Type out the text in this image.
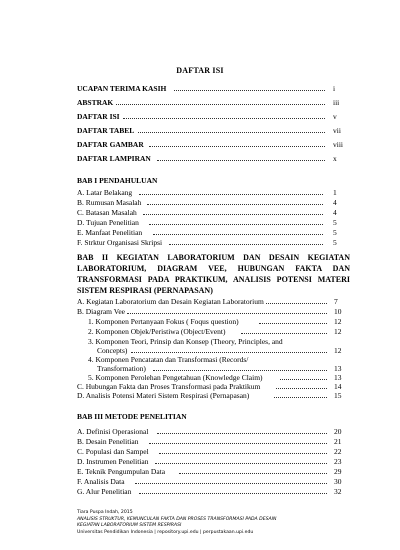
DAFTAR ISI
UCAPAN TERIMA KASIH	i
ABSTRAK	iii
DAFTAR ISI	v
DAFTAR TABEL	vii
DAFTAR GAMBAR	viii
DAFTAR LAMPIRAN	x
BAB I PENDAHULUAN
A. Latar Belakang	1
B. Rumusan Masalah	4
C. Batasan Masalah	4
D. Tujuan Penelitian	5
E. Manfaat Penelitian	5
F. Strktur Organisasi Skripsi	5
BAB II KEGIATAN LABORATORIUM DAN DESAIN KEGIATAN
LABORATORIUM, DIAGRAM VEE, HUBUNGAN FAKTA DAN
TRANSFORMASI PADA PRAKTIKUM, ANALISIS POTENSI MATERI
SISTEM RESPIRASI (PERNAPASAN)
A. Kegiatan Laboratorium dan Desain Kegiatan Laboratorium	7
B. Diagram Vee	10
1. Komponen Pertanyaan Fokus ( Foqus question)	12
2. Komponen Objek/Peristiwa (Object/Event)	12
3. Komponen Teori, Prinsip dan Konsep (Theory, Principles, and
Concepts)	12
4. Komponen Pencatatan dan Transformasi (Records/
Transformation)	13
5. Komponen Perolehan Pengetahuan (Knowledge Claim)	13
C. Hubungan Fakta dan Proses Transformasi pada Praktikum	14
D. Analisis Potensi Materi Sistem Respirasi (Pernapasan)	15
BAB III METODE PENELITIAN
A. Definisi Operasional	20
B. Desain Penelitian	21
C. Populasi dan Sampel	22
D. Instrumen Penelitian	23
E. Teknik Pengumpulan Data	29
F. Analisis Data	30
G. Alur Penelitian	32
Tiara Puspa Indah, 2015
ANALISIS STRUKTUR, KEMUNCULAN FAKTA DAN PROSES TRANSFORMASI PADA DESAIN
KEGIATAN LABORATORIUM SISTEM RESPIRASI
Universitas Pendidikan Indonesia | repository.upi.edu | perpustakaan.upi.edu
